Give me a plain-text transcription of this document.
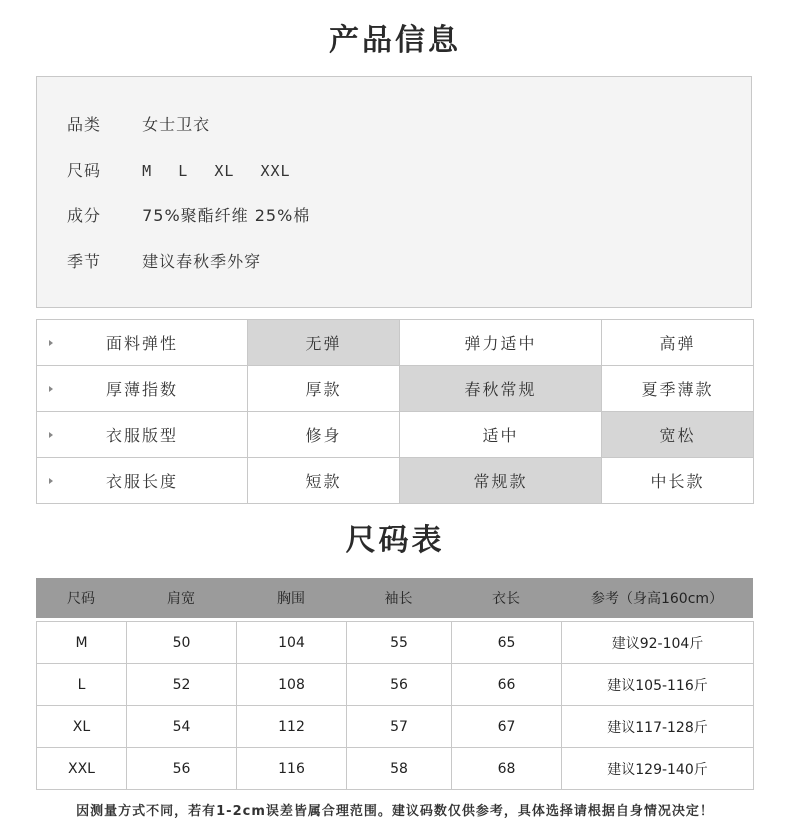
产品信息
品类	女士卫衣
尺码	M L XL XXL
成分	75%聚酯纤维 25%棉
季节	建议春秋季外穿
面料弹性	无弹	弹力适中	高弹

厚薄指数	厚款	春秋常规	夏季薄款

衣服版型	修身	适中	宽松

衣服长度	短款	常规款	中长款
尺码表
尺码	肩宽	胸围	袖长	衣长	参考（身高160cm）
M	50	104	55	65	建议92-104斤
L	52	108	56	66	建议105-116斤
XL	54	112	57	67	建议117-128斤
XXL	56	116	58	68	建议129-140斤
因测量方式不同，若有1-2cm误差皆属合理范围。建议码数仅供参考，具体选择请根据自身情况决定！
